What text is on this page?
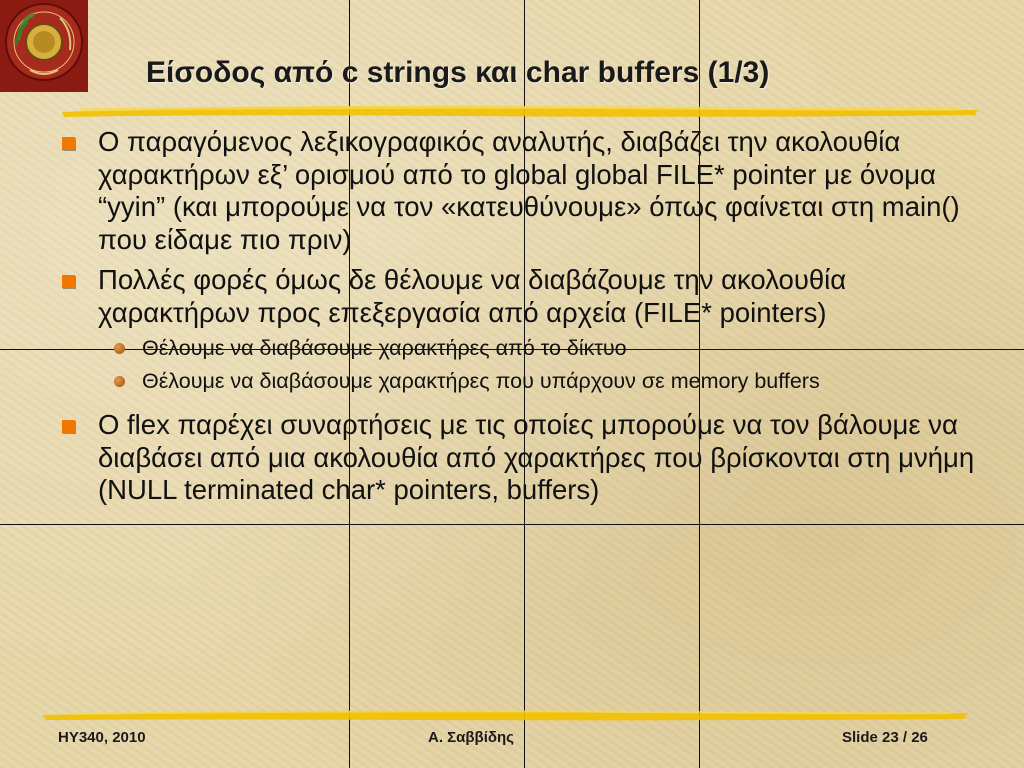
Είσοδος από c strings και char buffers (1/3)
Ο παραγόμενος λεξικογραφικός αναλυτής, διαβάζει την ακολουθία χαρακτήρων εξ’ ορισμού από το global global FILE* pointer με όνομα “yyin” (και μπορούμε να τον «κατευθύνουμε» όπως φαίνεται στη main() που είδαμε πιο πριν)
Πολλές φορές όμως δε θέλουμε να διαβάζουμε την ακολουθία χαρακτήρων προς επεξεργασία από αρχεία (FILE* pointers)
Θέλουμε να διαβάσουμε χαρακτήρες από το δίκτυο
Θέλουμε να διαβάσουμε χαρακτήρες που υπάρχουν σε memory buffers
Ο flex παρέχει συναρτήσεις με τις οποίες μπορούμε να τον βάλουμε να διαβάσει από μια ακολουθία από χαρακτήρες που βρίσκονται στη μνήμη (NULL terminated char* pointers, buffers)
HY340, 2010	Α. Σαββίδης	Slide 23 / 26
